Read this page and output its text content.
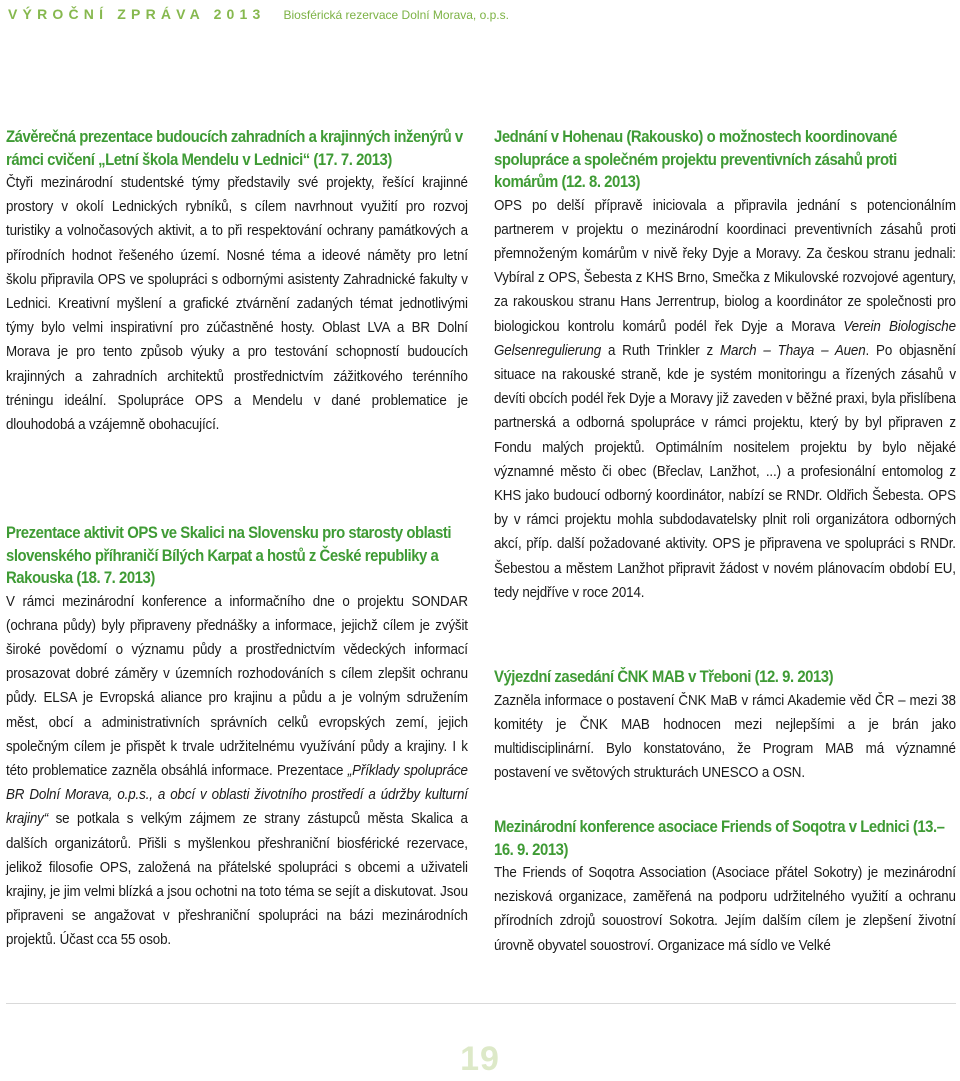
VÝROČNÍ ZPRÁVA 2013 Biosférická rezervace Dolní Morava, o.p.s.
Závěrečná prezentace budoucích zahradních a krajinných inženýrů v rámci cvičení „Letní škola Mendelu v Lednici“ (17. 7. 2013)
Čtyři mezinárodní studentské týmy představily své projekty, řešící krajinné prostory v okolí Lednických rybníků, s cílem navrhnout využití pro rozvoj turistiky a volnočasových aktivit, a to při respektování ochrany památkových a přírodních hodnot řešeného území. Nosné téma a ideové náměty pro letní školu připravila OPS ve spolupráci s odbornými asistenty Zahradnické fakulty v Lednici. Kreativní myšlení a grafické ztvárnění zadaných témat jednotlivými týmy bylo velmi inspirativní pro zúčastněné hosty. Oblast LVA a BR Dolní Morava je pro tento způsob výuky a pro testování schopností budoucích krajinných a zahradních architektů prostřednictvím zážitkového terénního tréningu ideální. Spolupráce OPS a Mendelu v dané problematice je dlouhodobá a vzájemně obohacující.
Prezentace aktivit OPS ve Skalici na Slovensku pro starosty oblasti slovenského příhraničí Bílých Karpat a hostů z České republiky a Rakouska (18. 7. 2013)
V rámci mezinárodní konference a informačního dne o projektu SONDAR (ochrana půdy) byly připraveny přednášky a informace, jejichž cílem je zvýšit široké povědomí o významu půdy a prostřednictvím vědeckých informací prosazovat dobré záměry v územních rozhodováních s cílem zlepšit ochranu půdy. ELSA je Evropská aliance pro krajinu a půdu a je volným sdružením měst, obcí a administrativních správních celků evropských zemí, jejich společným cílem je přispět k trvale udržitelnému využívání půdy a krajiny. I k této problematice zazněla obsáhlá informace. Prezentace „Příklady spolupráce BR Dolní Morava, o.p.s., a obcí v oblasti životního prostředí a údržby kulturní krajiny“ se potkala s velkým zájmem ze strany zástupců města Skalica a dalších organizátorů. Přišli s myšlenkou přeshraniční biosférické rezervace, jelikož filosofie OPS, založená na přátelské spolupráci s obcemi a uživateli krajiny, je jim velmi blízká a jsou ochotni na toto téma se sejít a diskutovat. Jsou připraveni se angažovat v přeshraniční spolupráci na bázi mezinárodních projektů. Účast cca 55 osob.
Jednání v Hohenau (Rakousko) o možnostech koordinované spolupráce a společném projektu preventivních zásahů proti komárům (12. 8. 2013)
OPS po delší přípravě iniciovala a připravila jednání s potencionálním partnerem v projektu o mezinárodní koordinaci preventivních zásahů proti přemnoženým komárům v nivě řeky Dyje a Moravy. Za českou stranu jednali: Vybíral z OPS, Šebesta z KHS Brno, Smečka z Mikulovské rozvojové agentury, za rakouskou stranu Hans Jerrentrup, biolog a koordinátor ze společnosti pro biologickou kontrolu komárů podél řek Dyje a Morava Verein Biologische Gelsenregulierung a Ruth Trinkler z March – Thaya – Auen. Po objasnění situace na rakouské straně, kde je systém monitoringu a řízených zásahů v devíti obcích podél řek Dyje a Moravy již zaveden v běžné praxi, byla přislíbena partnerská a odborná spolupráce v rámci projektu, který by byl připraven z Fondu malých projektů. Optimálním nositelem projektu by bylo nějaké významné město či obec (Břeclav, Lanžhot, ...) a profesionální entomolog z KHS jako budoucí odborný koordinátor, nabízí se RNDr. Oldřich Šebesta. OPS by v rámci projektu mohla subdodavatelsky plnit roli organizátora odborných akcí, příp. další požadované aktivity. OPS je připravena ve spolupráci s RNDr. Šebestou a městem Lanžhot připravit žádost v novém plánovacím období EU, tedy nejdříve v roce 2014.
Výjezdní zasedání ČNK MAB v Třeboni (12. 9. 2013)
Zazněla informace o postavení ČNK MaB v rámci Akademie věd ČR – mezi 38 komitéty je ČNK MAB hodnocen mezi nejlepšími a je brán jako multidisciplinární. Bylo konstatováno, že Program MAB má významné postavení ve světových strukturách UNESCO a OSN.
Mezinárodní konference asociace Friends of Soqotra v Lednici (13.–16. 9. 2013)
The Friends of Soqotra Association (Asociace přátel Sokotry) je mezinárodní nezisková organizace, zaměřená na podporu udržitelného využití a ochranu přírodních zdrojů souostroví Sokotra. Jejím dalším cílem je zlepšení životní úrovně obyvatel souostroví. Organizace má sídlo ve Velké
19
